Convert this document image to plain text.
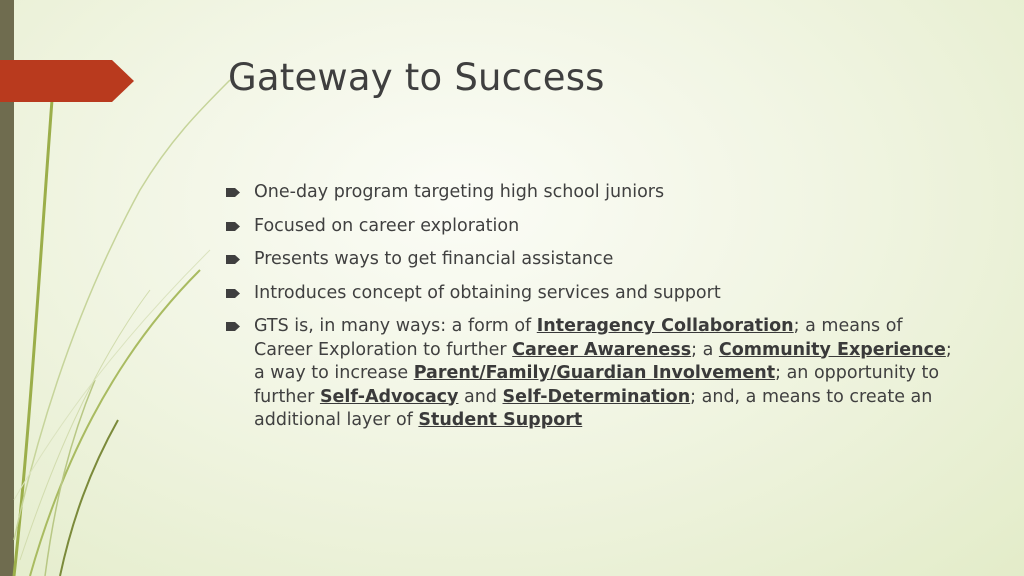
Gateway to Success
One-day program targeting high school juniors
Focused on career exploration
Presents ways to get financial assistance
Introduces concept of obtaining services and support
GTS is, in many ways: a form of Interagency Collaboration; a means of Career Exploration to further Career Awareness; a Community Experience; a way to increase Parent/Family/Guardian Involvement; an opportunity to further Self-Advocacy and Self-Determination; and, a means to create an additional layer of Student Support
